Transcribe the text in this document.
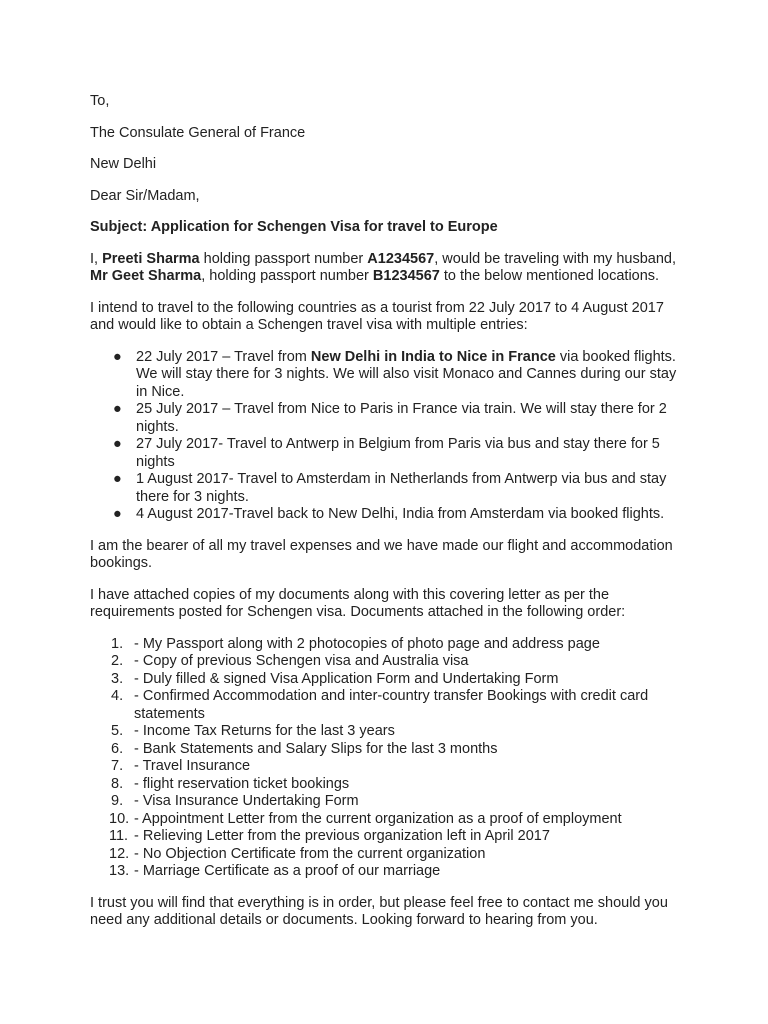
To,

The Consulate General of France

New Delhi

Dear Sir/Madam,

Subject: Application for Schengen Visa for travel to Europe

I, Preeti Sharma holding passport number A1234567, would be traveling with my husband, Mr Geet Sharma, holding passport number B1234567 to the below mentioned locations.

I intend to travel to the following countries as a tourist from 22 July 2017 to 4 August 2017 and would like to obtain a Schengen travel visa with multiple entries:

● 22 July 2017 – Travel from New Delhi in India to Nice in France via booked flights. We will stay there for 3 nights. We will also visit Monaco and Cannes during our stay in Nice.
● 25 July 2017 – Travel from Nice to Paris in France via train. We will stay there for 2 nights.
● 27 July 2017- Travel to Antwerp in Belgium from Paris via bus and stay there for 5 nights
● 1 August 2017- Travel to Amsterdam in Netherlands from Antwerp via bus and stay there for 3 nights.
● 4 August 2017-Travel back to New Delhi, India from Amsterdam via booked flights.

I am the bearer of all my travel expenses and we have made our flight and accommodation bookings.

I have attached copies of my documents along with this covering letter as per the requirements posted for Schengen visa. Documents attached in the following order:

1. - My Passport along with 2 photocopies of photo page and address page
2. - Copy of previous Schengen visa and Australia visa
3. - Duly filled & signed Visa Application Form and Undertaking Form
4. - Confirmed Accommodation and inter-country transfer Bookings with credit card statements
5. - Income Tax Returns for the last 3 years
6. - Bank Statements and Salary Slips for the last 3 months
7. - Travel Insurance
8. - flight reservation ticket bookings
9. - Visa Insurance Undertaking Form
10. - Appointment Letter from the current organization as a proof of employment
11. - Relieving Letter from the previous organization left in April 2017
12. - No Objection Certificate from the current organization
13. - Marriage Certificate as a proof of our marriage

I trust you will find that everything is in order, but please feel free to contact me should you need any additional details or documents. Looking forward to hearing from you.
